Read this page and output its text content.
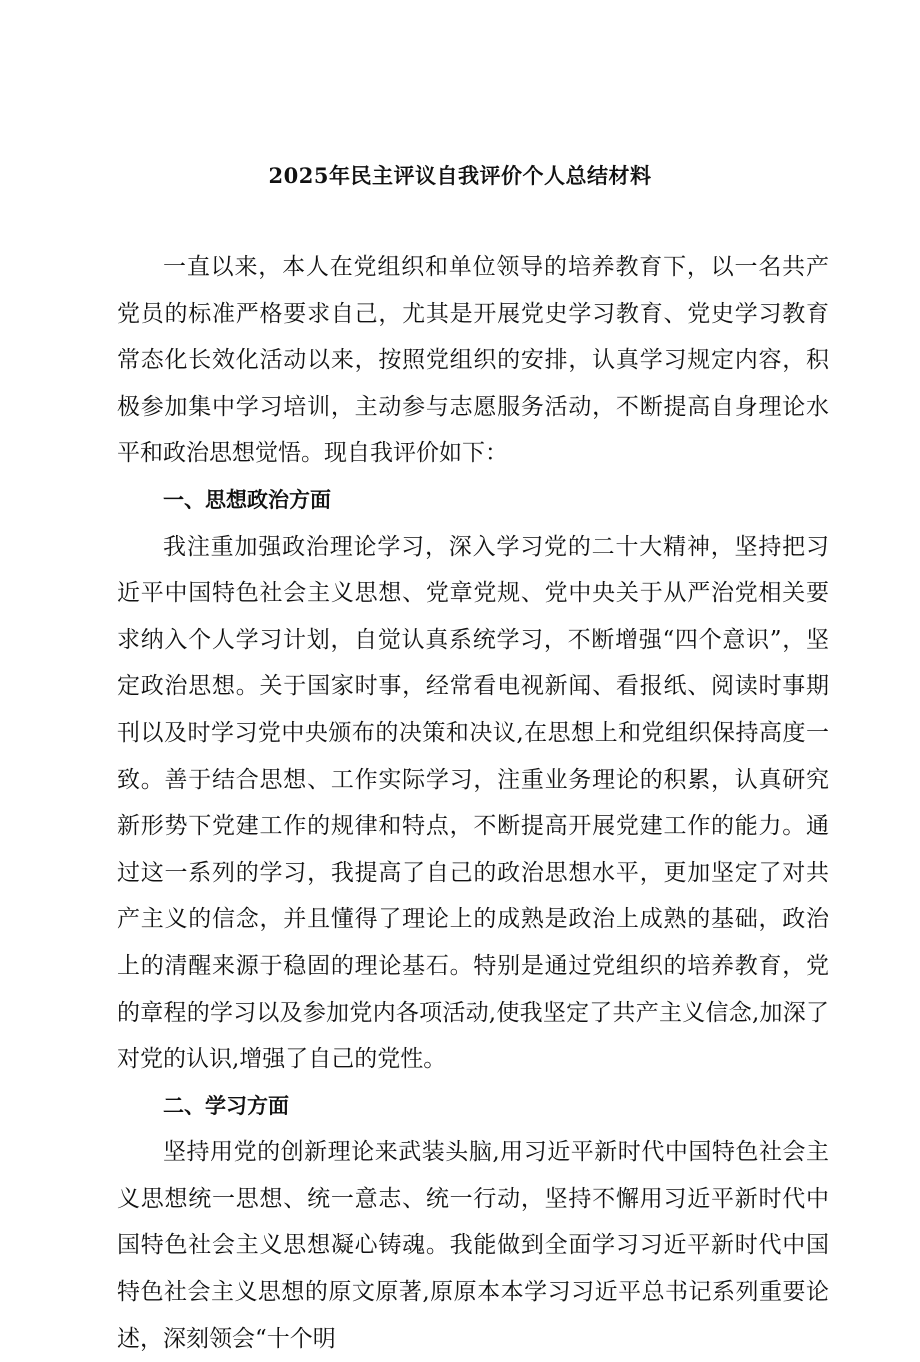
2025年民主评议自我评价个人总结材料

一直以来，本人在党组织和单位领导的培养教育下，以一名共产党员的标准严格要求自己，尤其是开展党史学习教育、党史学习教育常态化长效化活动以来，按照党组织的安排，认真学习规定内容，积极参加集中学习培训，主动参与志愿服务活动，不断提高自身理论水平和政治思想觉悟。现自我评价如下：

一、思想政治方面

我注重加强政治理论学习，深入学习党的二十大精神，坚持把习近平中国特色社会主义思想、党章党规、党中央关于从严治党相关要求纳入个人学习计划，自觉认真系统学习，不断增强“四个意识”，坚定政治思想。关于国家时事，经常看电视新闻、看报纸、阅读时事期刊以及时学习党中央颁布的决策和决议,在思想上和党组织保持高度一致。善于结合思想、工作实际学习，注重业务理论的积累，认真研究新形势下党建工作的规律和特点，不断提高开展党建工作的能力。通过这一系列的学习，我提高了自己的政治思想水平，更加坚定了对共产主义的信念，并且懂得了理论上的成熟是政治上成熟的基础，政治上的清醒来源于稳固的理论基石。特别是通过党组织的培养教育，党的章程的学习以及参加党内各项活动,使我坚定了共产主义信念,加深了对党的认识,增强了自己的党性。

二、学习方面

坚持用党的创新理论来武装头脑,用习近平新时代中国特色社会主义思想统一思想、统一意志、统一行动，坚持不懈用习近平新时代中国特色社会主义思想凝心铸魂。我能做到全面学习习近平新时代中国特色社会主义思想的原文原著,原原本本学习习近平总书记系列重要论述，深刻领会“十个明
